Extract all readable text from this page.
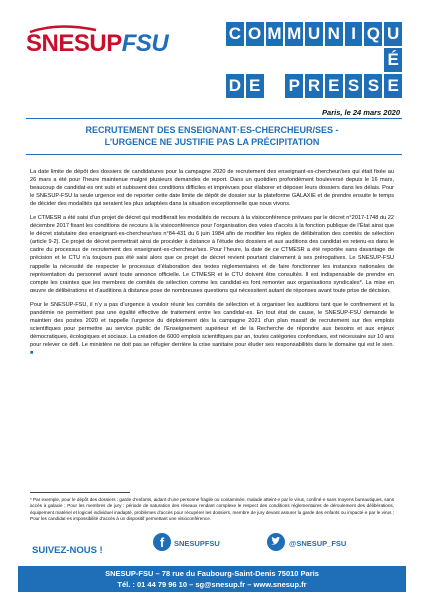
SNESUPFSU	C O M M U N I Q U
É
D E P R E S S E
Paris, le 24 mars 2020
RECRUTEMENT DES ENSEIGNANT·ES-CHERCHEUR/SES -
L’URGENCE NE JUSTIFIE PAS LA PRÉCIPITATION

La date limite de dépôt des dossiers de candidatures pour la campagne 2020 de recrutement des enseignant·es-chercheur/ses qui était fixée au 26 mars a été pour l’heure maintenue malgré plusieurs demandes de report. Dans un quotidien profondément bouleversé depuis le 16 mars, beaucoup de candidat·es ont subi et subissent des conditions difficiles et imprévues pour élaborer et déposer leurs dossiers dans les délais. Pour le SNESUP-FSU la seule urgence est de reporter cette date limite de dépôt de dossier sur la plateforme GALAXIE et de prendre ensuite le temps de décider des modalités qui seraient les plus adaptées dans la situation exceptionnelle que nous vivons.

Le CTMESR a été saisi d’un projet de décret qui modifierait les modalités de recours à la visioconférence prévues par le décret n°2017-1748 du 22 décembre 2017 fixant les conditions de recours à la visioconférence pour l’organisation des voies d’accès à la fonction publique de l’État ainsi que le décret statutaire des enseignant·es-chercheur/ses n°84-431 du 6 juin 1984 afin de modifier les règles de délibération des comités de sélection (article 9-2). Ce projet de décret permettrait ainsi de procéder à distance à l’étude des dossiers et aux auditions des candidat·es retenu·es dans le cadre du processus de recrutement des enseignant·es-chercheur/ses. Pour l’heure, la date de ce CTMESR a été reportée sans davantage de précision et le CTU n’a toujours pas été saisi alors que ce projet de décret revient pourtant clairement à ses prérogatives. Le SNESUP-FSU rappelle la nécessité de respecter le processus d’élaboration des textes réglementaires et de faire fonctionner les instances nationales de représentation du personnel avant toute annonce officielle. Le CTMESR et le CTU doivent être consultés. Il est indispensable de prendre en compte les craintes que les membres de comités de sélection comme les candidat·es font remonter aux organisations syndicales*. La mise en œuvre de délibérations et d’auditions à distance pose de nombreuses questions qui nécessitent autant de réponses avant toute prise de décision.

Pour le SNESUP-FSU, il n’y a pas d’urgence à vouloir réunir les comités de sélection et à organiser les auditions tant que le confinement et la pandémie ne permettent pas une égalité effective de traitement entre les candidat·es. En tout état de cause, le SNESUP-FSU demande le maintien des postes 2020 et rappelle l’urgence du déploiement dès la campagne 2021 d’un plan massif de recrutement sur des emplois scientifiques pour permettre au service public de l’Enseignement supérieur et de la Recherche de répondre aux besoins et aux enjeux démocratiques, écologiques et sociaux. La création de 6000 emplois scientifiques par an, toutes catégories confondues, est nécessaire sur 10 ans pour relever ce défi. Le ministère ne doit pas se réfugier derrière la crise sanitaire pour éluder ses responsabilités dans le domaine qui est le sien. ■

* Par exemple, pour le dépôt des dossiers : garde d’enfants, aidant d’une personne fragile ou contaminée, malade atteint·e par le virus, confiné·e sans moyens bureautiques, sans accès à galaxie ; Pour les membres de jury : période de saturation des réseaux rendant complexe le respect des conditions réglementaires de déroulement des délibérations, équipement matériel et logiciel individuel inadapté, problèmes d’accès pour récupérer les dossiers, membre de jury devant assurer la garde des enfants ou impacté·e par le virus ; Pour les candidat·es impossibilité d’accès à un dispositif permettant une visioconférence.
SUIVEZ-NOUS !
f	SNESUPFSU	@SNESUP_FSU
SNESUP-FSU – 78 rue du Faubourg-Saint-Denis 75010 Paris
Tél. : 01 44 79 96 10 – sg@snesup.fr – www.snesup.fr
